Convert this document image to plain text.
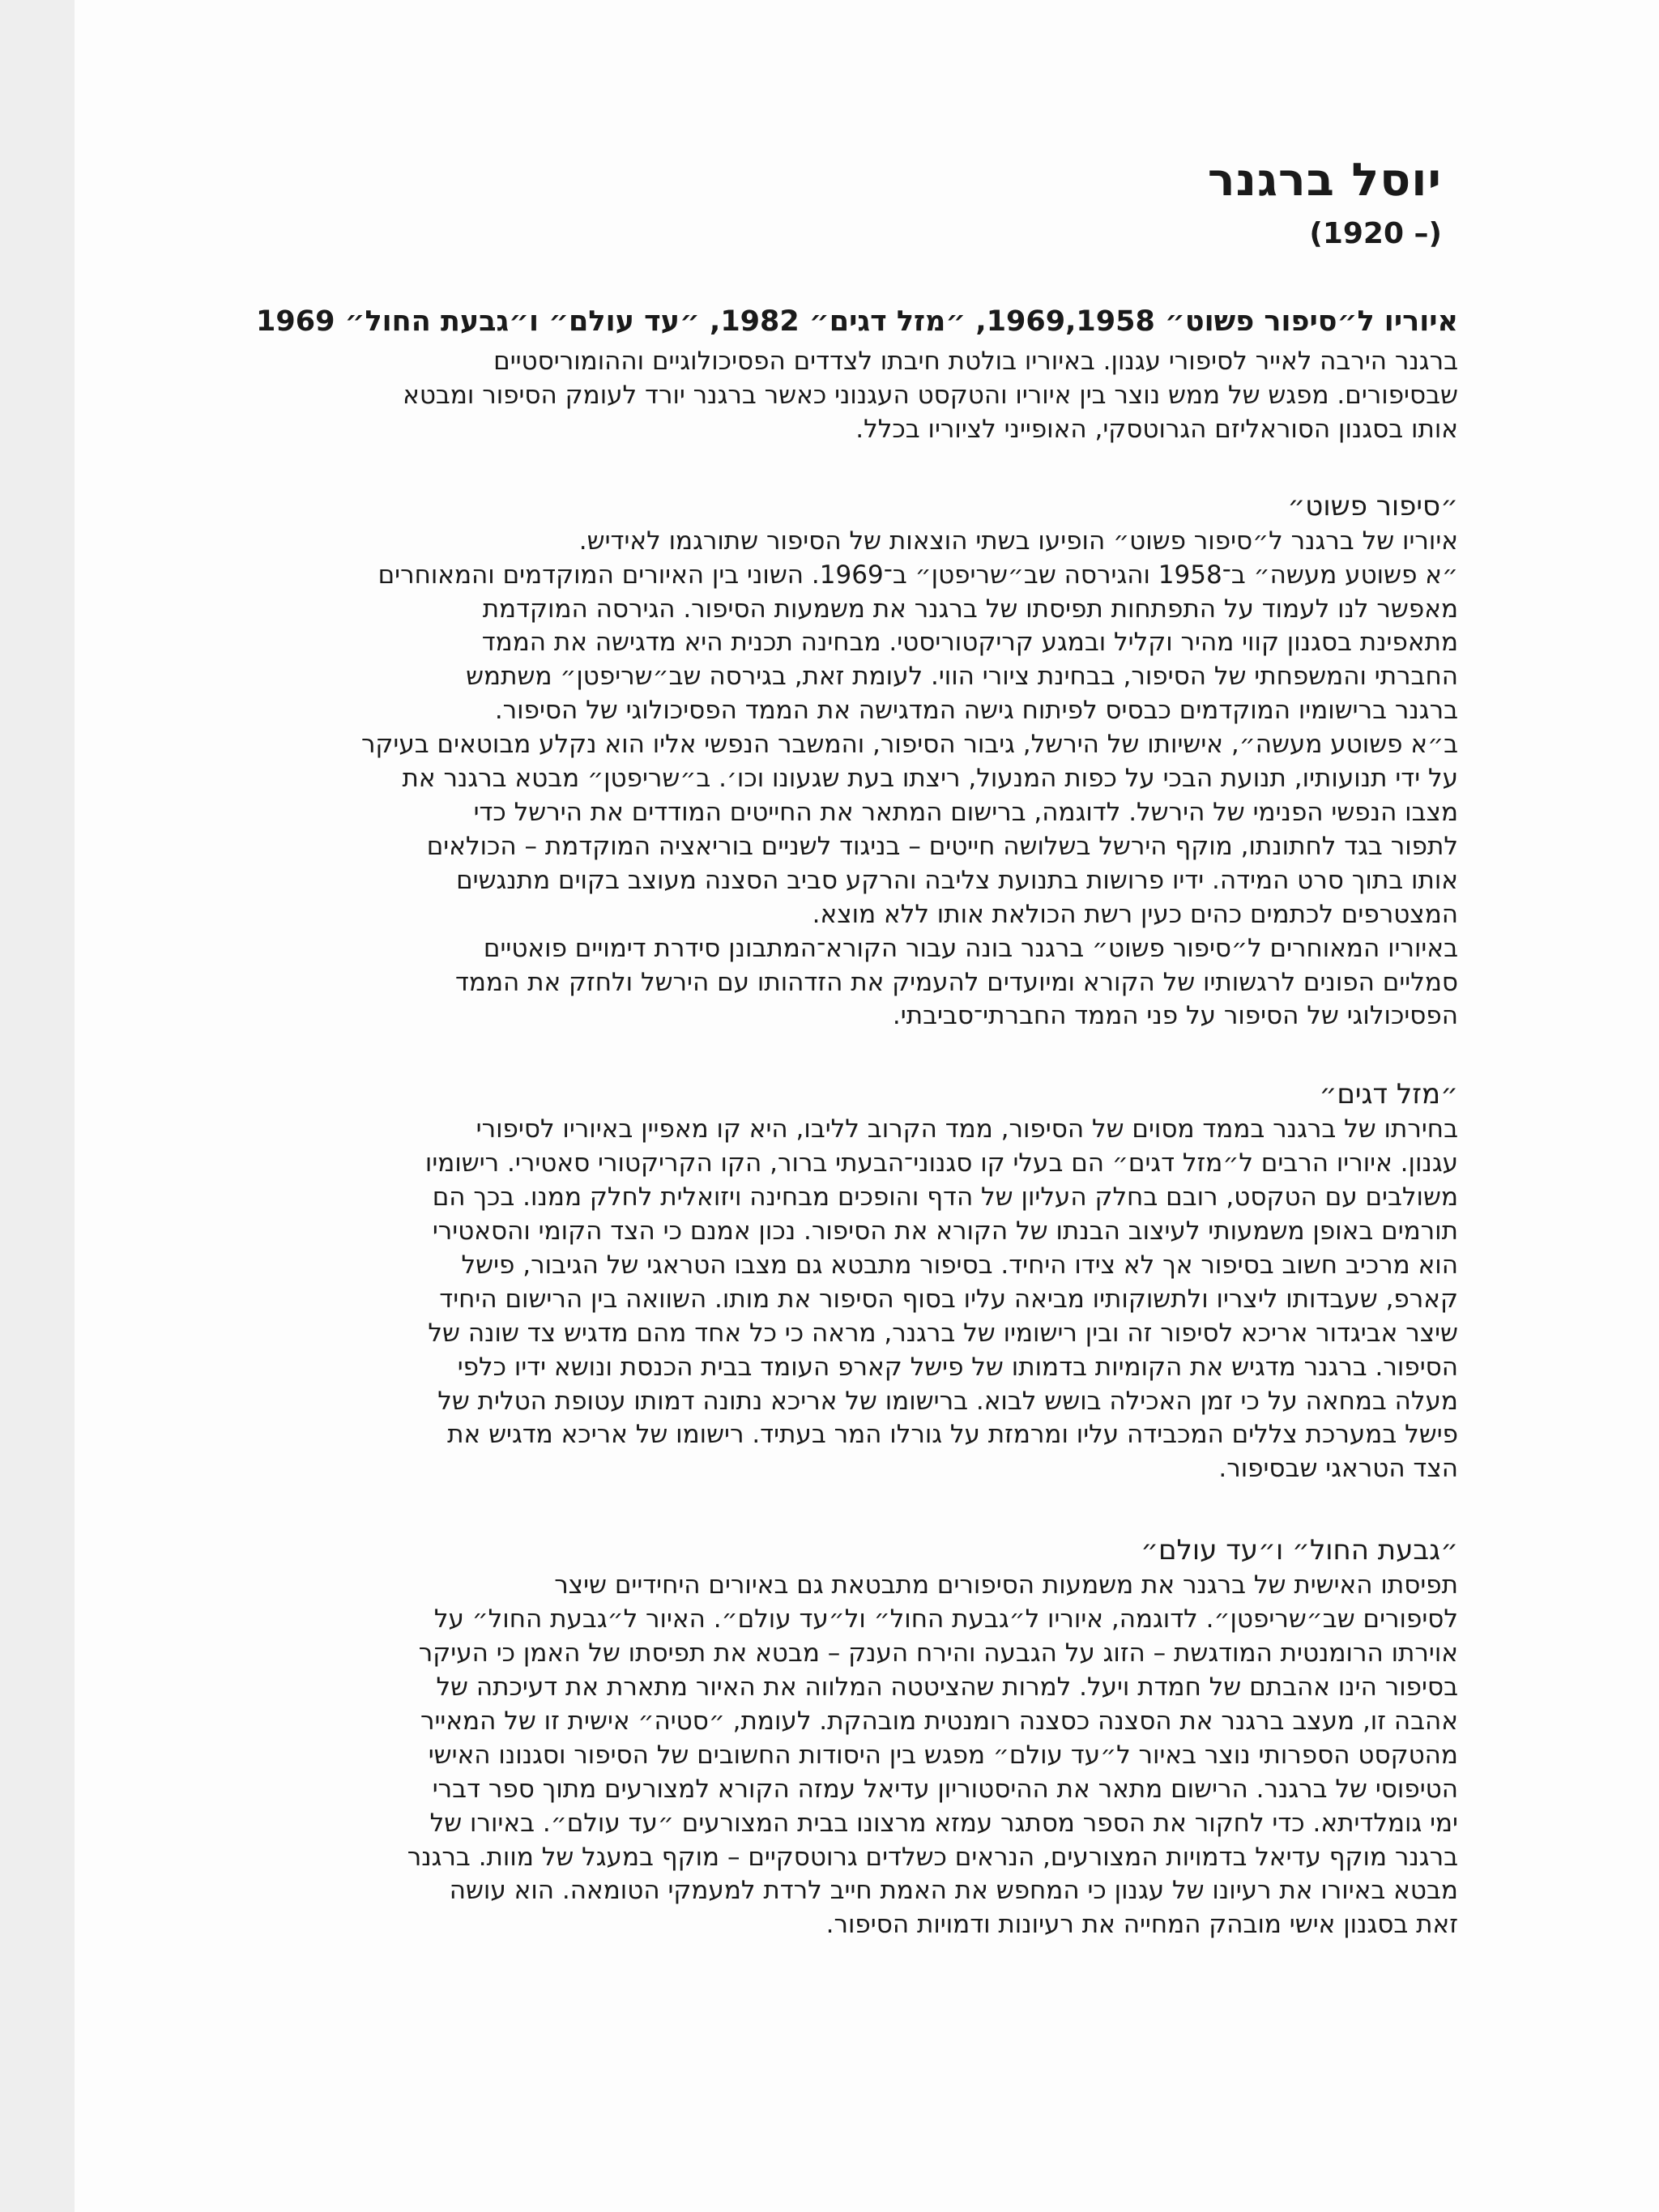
יוסל ברגנר
(1920 –)
איוריו ל״סיפור פשוט״ 1969,1958, ״מזל דגים״ 1982, ״עד עולם״ ו״גבעת החול״ 1969
ברגנר הירבה לאייר לסיפורי עגנון. באיוריו בולטת חיבתו לצדדים הפסיכולוגיים וההומוריסטיים
שבסיפורים. מפגש של ממש נוצר בין איוריו והטקסט העגנוני כאשר ברגנר יורד לעומק הסיפור ומבטא
אותו בסגנון הסוראליזם הגרוטסקי, האופייני לציוריו בכלל.
״סיפור פשוט״
איוריו של ברגנר ל״סיפור פשוט״ הופיעו בשתי הוצאות של הסיפור שתורגמו לאידיש.
״א פשוטע מעשה״ ב־1958 והגירסה שב״שריפטן״ ב־1969. השוני בין האיורים המוקדמים והמאוחרים
מאפשר לנו לעמוד על התפתחות תפיסתו של ברגנר את משמעות הסיפור. הגירסה המוקדמת
מתאפינת בסגנון קווי מהיר וקליל ובמגע קריקטוריסטי. מבחינה תכנית היא מדגישה את הממד
החברתי והמשפחתי של הסיפור, בבחינת ציורי הווי. לעומת זאת, בגירסה שב״שריפטן״ משתמש
ברגנר ברישומיו המוקדמים כבסיס לפיתוח גישה המדגישה את הממד הפסיכולוגי של הסיפור.
ב״א פשוטע מעשה״, אישיותו של הירשל, גיבור הסיפור, והמשבר הנפשי אליו הוא נקלע מבוטאים בעיקר
על ידי תנועותיו, תנועת הבכי על כפות המנעול, ריצתו בעת שגעונו וכו׳. ב״שריפטן״ מבטא ברגנר את
מצבו הנפשי הפנימי של הירשל. לדוגמה, ברישום המתאר את החייטים המודדים את הירשל כדי
לתפור בגד לחתונתו, מוקף הירשל בשלושה חייטים – בניגוד לשניים בוריאציה המוקדמת – הכולאים
אותו בתוך סרט המידה. ידיו פרושות בתנועת צליבה והרקע סביב הסצנה מעוצב בקוים מתנגשים
המצטרפים לכתמים כהים כעין רשת הכולאת אותו ללא מוצא.
באיוריו המאוחרים ל״סיפור פשוט״ ברגנר בונה עבור הקורא־המתבונן סידרת דימויים פואטיים
סמליים הפונים לרגשותיו של הקורא ומיועדים להעמיק את הזדהותו עם הירשל ולחזק את הממד
הפסיכולוגי של הסיפור על פני הממד החברתי־סביבתי.
״מזל דגים״
בחירתו של ברגנר בממד מסוים של הסיפור, ממד הקרוב לליבו, היא קו מאפיין באיוריו לסיפורי
עגנון. איוריו הרבים ל״מזל דגים״ הם בעלי קו סגנוני־הבעתי ברור, הקו הקריקטורי סאטירי. רישומיו
משולבים עם הטקסט, רובם בחלק העליון של הדף והופכים מבחינה ויזואלית לחלק ממנו. בכך הם
תורמים באופן משמעותי לעיצוב הבנתו של הקורא את הסיפור. נכון אמנם כי הצד הקומי והסאטירי
הוא מרכיב חשוב בסיפור אך לא צידו היחיד. בסיפור מתבטא גם מצבו הטראגי של הגיבור, פישל
קארפ, שעבדותו ליצריו ולתשוקותיו מביאה עליו בסוף הסיפור את מותו. השוואה בין הרישום היחיד
שיצר אביגדור אריכא לסיפור זה ובין רישומיו של ברגנר, מראה כי כל אחד מהם מדגיש צד שונה של
הסיפור. ברגנר מדגיש את הקומיות בדמותו של פישל קארפ העומד בבית הכנסת ונושא ידיו כלפי
מעלה במחאה על כי זמן האכילה בושש לבוא. ברישומו של אריכא נתונה דמותו עטופת הטלית של
פישל במערכת צללים המכבידה עליו ומרמזת על גורלו המר בעתיד. רישומו של אריכא מדגיש את
הצד הטראגי שבסיפור.
״גבעת החול״ ו״עד עולם״
תפיסתו האישית של ברגנר את משמעות הסיפורים מתבטאת גם באיורים היחידיים שיצר
לסיפורים שב״שריפטן״. לדוגמה, איוריו ל״גבעת החול״ ול״עד עולם״. האיור ל״גבעת החול״ על
אוירתו הרומנטית המודגשת – הזוג על הגבעה והירח הענק – מבטא את תפיסתו של האמן כי העיקר
בסיפור הינו אהבתם של חמדת ויעל. למרות שהציטטה המלווה את האיור מתארת את דעיכתה של
אהבה זו, מעצב ברגנר את הסצנה כסצנה רומנטית מובהקת. לעומת, ״סטיה״ אישית זו של המאייר
מהטקסט הספרותי נוצר באיור ל״עד עולם״ מפגש בין היסודות החשובים של הסיפור וסגנונו האישי
הטיפוסי של ברגנר. הרישום מתאר את ההיסטוריון עדיאל עמזה הקורא למצורעים מתוך ספר דברי
ימי גומלדיתא. כדי לחקור את הספר מסתגר עמזא מרצונו בבית המצורעים ״עד עולם״. באיורו של
ברגנר מוקף עדיאל בדמויות המצורעים, הנראים כשלדים גרוטסקיים – מוקף במעגל של מוות. ברגנר
מבטא באיורו את רעיונו של עגנון כי המחפש את האמת חייב לרדת למעמקי הטומאה. הוא עושה
זאת בסגנון אישי מובהק המחייה את רעיונות ודמויות הסיפור.
